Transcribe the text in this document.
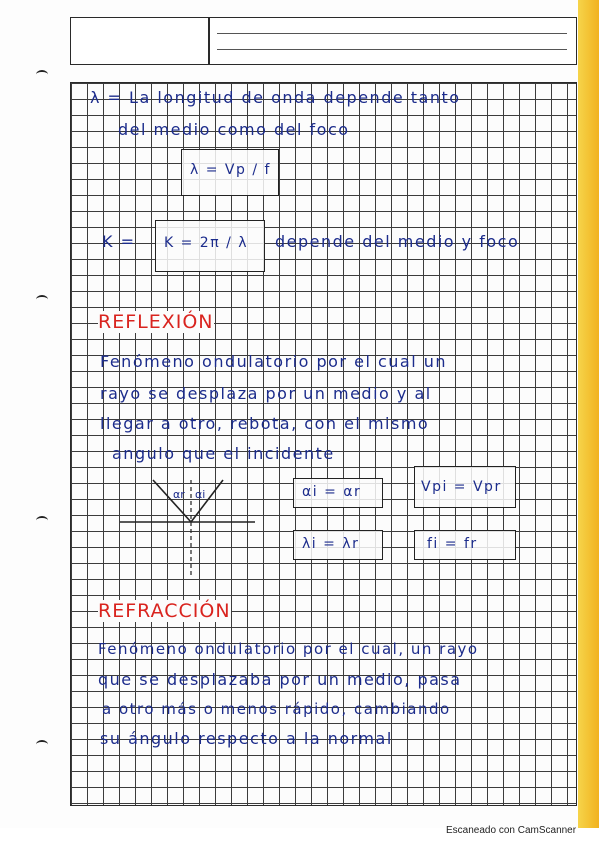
λ = La longitud de onda depende tanto
del medio como del foco
λ = Vp / f
K = K = 2π / λ depende del medio y foco
REFLEXIÓN
Fenómeno ondulatorio por el cual un
rayo se desplaza por un medio y al
llegar a otro, rebota, con el mismo
angulo que el incidente
αr αi	αi = αr	Vpi = Vpr
λi = λr	fi = fr
REFRACCIÓN
Fenómeno ondulatorio por el cual, un rayo
que se desplazaba por un medio, pasa
a otro más o menos rápido, cambiando
su ángulo respecto a la normal
Escaneado con CamScanner
